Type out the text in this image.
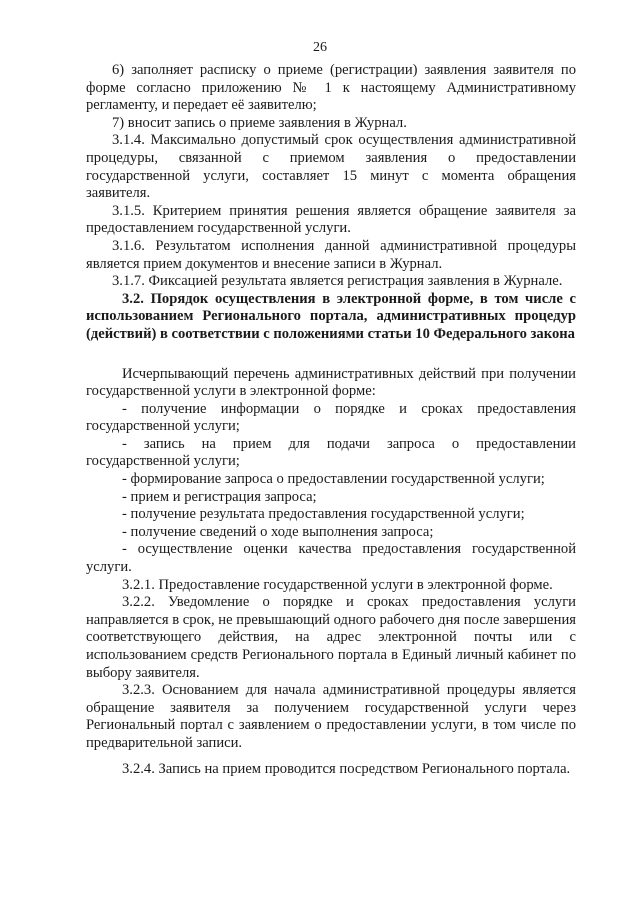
26

6) заполняет расписку о приеме (регистрации) заявления заявителя по форме согласно приложению № 1 к настоящему Административному регламенту, и передает её заявителю;

7) вносит запись о приеме заявления в Журнал.

3.1.4. Максимально допустимый срок осуществления административной процедуры, связанной с приемом заявления о предоставлении государственной услуги, составляет 15 минут с момента обращения заявителя.

3.1.5. Критерием принятия решения является обращение заявителя за предоставлением государственной услуги.

3.1.6. Результатом исполнения данной административной процедуры является прием документов и внесение записи в Журнал.

3.1.7. Фиксацией результата является регистрация заявления в Журнале.

3.2. Порядок осуществления в электронной форме, в том числе с использованием Регионального портала, административных процедур (действий) в соответствии с положениями статьи 10 Федерального закона

Исчерпывающий перечень административных действий при получении государственной услуги в электронной форме:

- получение информации о порядке и сроках предоставления государственной услуги;

- запись на прием для подачи запроса о предоставлении государственной услуги;

- формирование запроса о предоставлении государственной услуги;

- прием и регистрация запроса;

- получение результата предоставления государственной услуги;

- получение сведений о ходе выполнения запроса;

- осуществление оценки качества предоставления государственной услуги.

3.2.1. Предоставление государственной услуги в электронной форме.

3.2.2. Уведомление о порядке и сроках предоставления услуги направляется в срок, не превышающий одного рабочего дня после завершения соответствующего действия, на адрес электронной почты или с использованием средств Регионального портала в Единый личный кабинет по выбору заявителя.

3.2.3. Основанием для начала административной процедуры является обращение заявителя за получением государственной услуги через Региональный портал с заявлением о предоставлении услуги, в том числе по предварительной записи.

3.2.4. Запись на прием проводится посредством Регионального портала.
